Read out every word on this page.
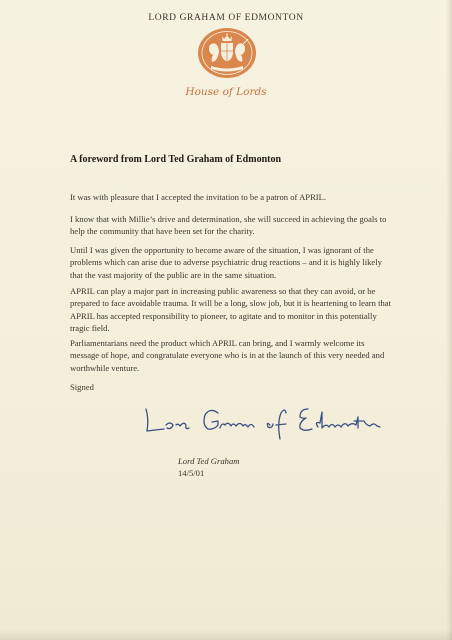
LORD GRAHAM OF EDMONTON
House of Lords
A foreword from Lord Ted Graham of Edmonton

It was with pleasure that I accepted the invitation to be a patron of APRIL.

I know that with Millie’s drive and determination, she will succeed in achieving the goals to help the community that have been set for the charity.

Until I was given the opportunity to become aware of the situation, I was ignorant of the problems which can arise due to adverse psychiatric drug reactions – and it is highly likely that the vast majority of the public are in the same situation.

APRIL can play a major part in increasing public awareness so that they can avoid, or be prepared to face avoidable trauma. It will be a long, slow job, but it is heartening to learn that APRIL has accepted responsibility to pioneer, to agitate and to monitor in this potentially tragic field.

Parliamentarians need the product which APRIL can bring, and I warmly welcome its message of hope, and congratulate everyone who is in at the launch of this very needed and worthwhile venture.

Signed
Lord Ted Graham
14/5/01
